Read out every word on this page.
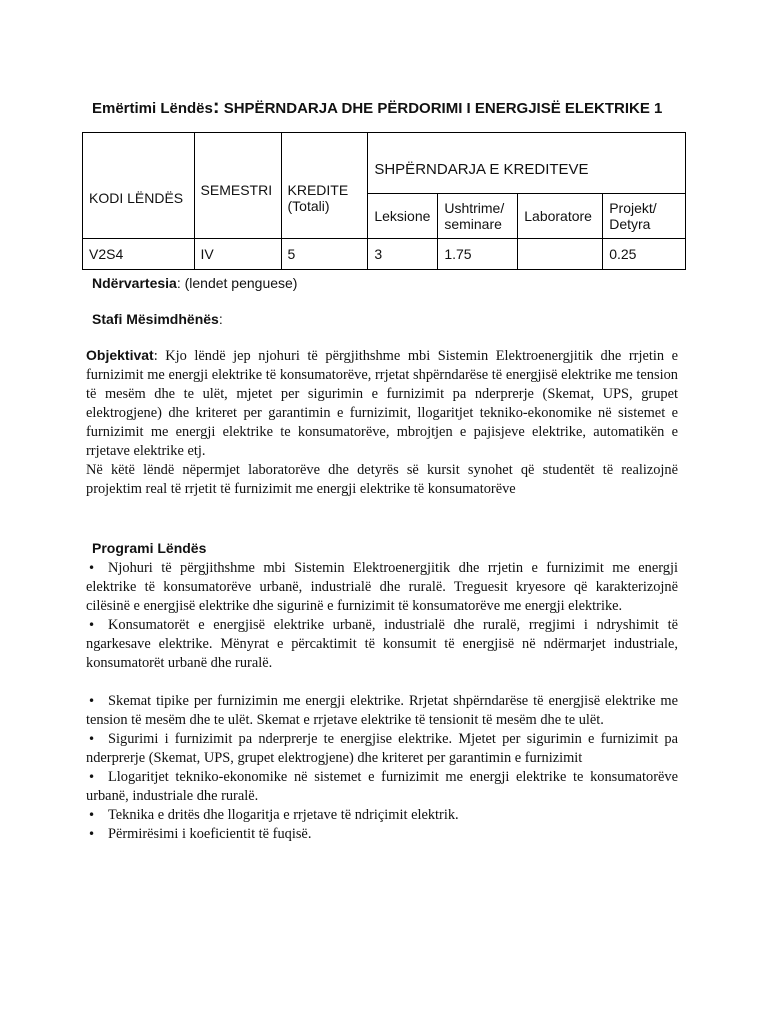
Emërtimi Lëndës: SHPËRNDARJA DHE PËRDORIMI I ENERGJISË ELEKTRIKE 1
KODI LËNDËS	SEMESTRI	KREDITE (Totali)	SHPËRNDARJA E KREDITEVE			
			Leksione	Ushtrime/ seminare	Laboratore	Projekt/ Detyra
V2S4	IV	5	3	1.75		0.25
Ndërvartesia: (lendet penguese)
Stafi Mësimdhënës:

Objektivat: Kjo lëndë jep njohuri të përgjithshme mbi Sistemin Elektroenergjitik dhe rrjetin e furnizimit me energji elektrike të konsumatorëve, rrjetat shpërndarëse të energjisë elektrike me tension të mesëm dhe te ulët, mjetet per sigurimin e furnizimit pa nderprerje (Skemat, UPS, grupet elektrogjene) dhe kriteret per garantimin e furnizimit, llogaritjet tekniko-ekonomike në sistemet e furnizimit me energji elektrike te konsumatorëve, mbrojtjen e pajisjeve elektrike, automatikën e rrjetave elektrike etj.

Në këtë lëndë nëpermjet laboratorëve dhe detyrës së kursit synohet që studentët të realizojnë projektim real të rrjetit të furnizimit me energji elektrike të konsumatorëve

Programi Lëndës

• Njohuri të përgjithshme mbi Sistemin Elektroenergjitik dhe rrjetin e furnizimit me energji elektrike të konsumatorëve urbanë, industrialë dhe ruralë. Treguesit kryesore që karakterizojnë cilësinë e energjisë elektrike dhe sigurinë e furnizimit të konsumatorëve me energji elektrike.

• Konsumatorët e energjisë elektrike urbanë, industrialë dhe ruralë, rregjimi i ndryshimit të ngarkesave elektrike. Mënyrat e përcaktimit të konsumit të energjisë në ndërmarjet industriale, konsumatorët urbanë dhe ruralë.

• Skemat tipike per furnizimin me energji elektrike. Rrjetat shpërndarëse të energjisë elektrike me tension të mesëm dhe te ulët. Skemat e rrjetave elektrike të tensionit të mesëm dhe te ulët.

• Sigurimi i furnizimit pa nderprerje te energjise elektrike. Mjetet per sigurimin e furnizimit pa nderprerje (Skemat, UPS, grupet elektrogjene) dhe kriteret per garantimin e furnizimit

• Llogaritjet tekniko-ekonomike në sistemet e furnizimit me energji elektrike te konsumatorëve urbanë, industriale dhe ruralë.

• Teknika e dritës dhe llogaritja e rrjetave të ndriçimit elektrik.

• Përmirësimi i koeficientit të fuqisë.
